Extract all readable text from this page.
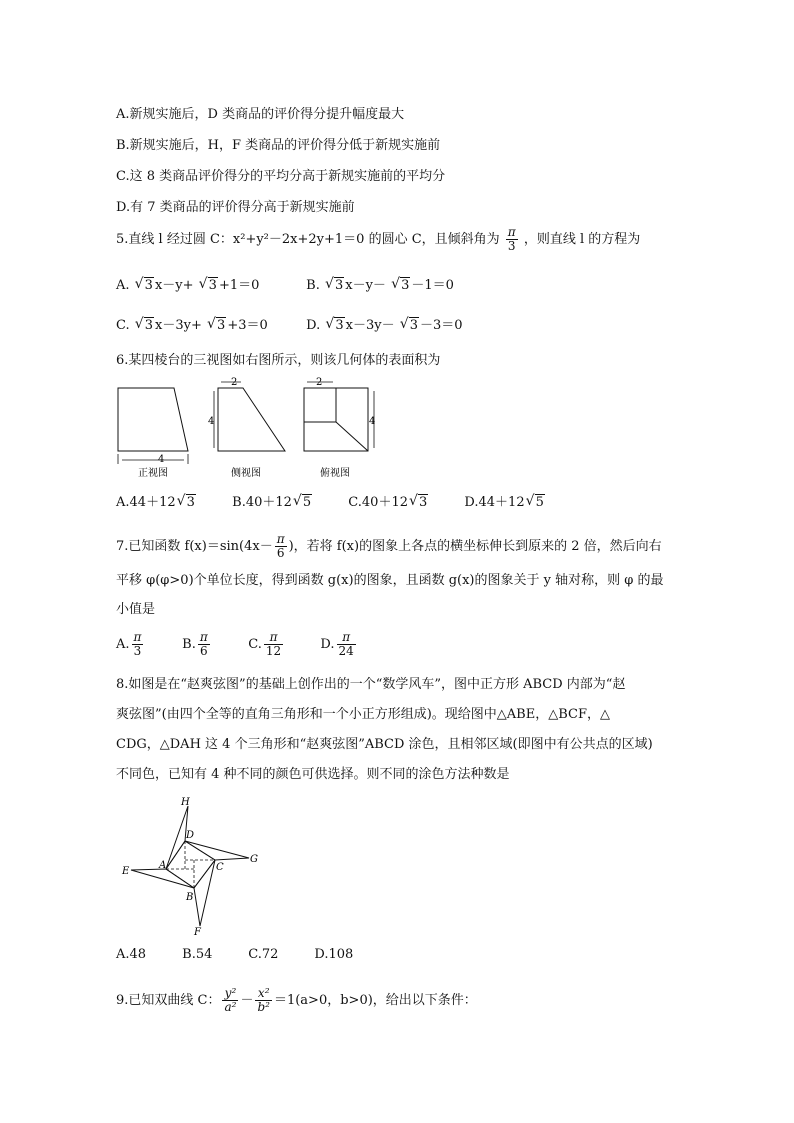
A.新规实施后，D 类商品的评价得分提升幅度最大
B.新规实施后，H，F 类商品的评价得分低于新规实施前
C.这 8 类商品评价得分的平均分高于新规实施前的平均分
D.有 7 类商品的评价得分高于新规实施前
5.直线 l 经过圆 C：x²+y²－2x+2y+1＝0 的圆心 C，且倾斜角为 $\frac{\pi}{3}$ ，则直线 l 的方程为
A. √ 3 x－y+ √ 3 +1＝0	B. √ 3 x－y－ √ 3 －1＝0
C. √ 3 x－3y+ √ 3 +3＝0	D. √ 3 x－3y－ √ 3 －3＝0
6.某四棱台的三视图如右图所示，则该几何体的表面积为
4
正视图
2
4
侧视图
2
4
俯视图
A.44＋12 √ 3	B.40＋12 √ 5	C.40＋12 √ 3	D.44＋12 √ 5
7.已知函数 $f(x)=\sin(4x- \frac{\pi}{6}$ )，若将 f(x)的图象上各点的横坐标伸长到原来的 2 倍，然后向右
平移 φ(φ>0)个单位长度，得到函数 g(x)的图象，且函数 g(x)的图象关于 y 轴对称，则 φ 的最
小值是
A. $\frac{\pi}{3}$	B. $\frac{\pi}{6}$	C. $\frac{\pi}{12}$	D. $\frac{\pi}{24}$
8.如图是在“赵爽弦图”的基础上创作出的一个“数学风车”，图中正方形 ABCD 内部为“赵
爽弦图”(由四个全等的直角三角形和一个小正方形组成)。现给图中△ABE，△BCF，△
CDG，△DAH 这 4 个三角形和“赵爽弦图”ABCD 涂色，且相邻区域(即图中有公共点的区域)
不同色，已知有 4 种不同的颜色可供选择。则不同的涂色方法种数是
H
D
G
A	C
E
B
F
A.48	B.54	C.72	D.108
9.已知双曲线 C： $\frac{\text{y²}}{\text{a²}} - \frac{\text{x²}}{\text{b²}} =1(a>0$，b>0)，给出以下条件：
